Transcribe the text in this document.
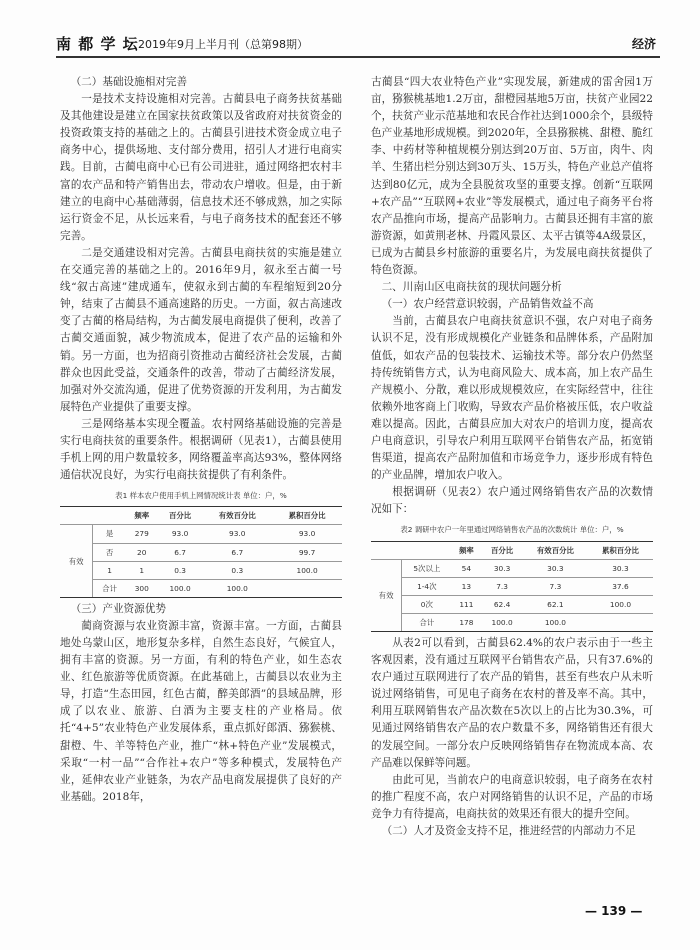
南 都 学 坛 2019年9月上半月刊（总第98期）	经济

（二）基础设施相对完善

一是技术支持设施相对完善。古蔺县电子商务扶贫基础及其他建设是建立在国家扶贫政策以及省政府对扶贫资金的投资政策支持的基础之上的。古蔺县引进技术资金成立电子商务中心，提供场地、支付部分费用，招引人才进行电商实践。目前，古蔺电商中心已有公司进驻，通过网络把农村丰富的农产品和特产销售出去，带动农户增收。但是，由于新建立的电商中心基础薄弱，信息技术还不够成熟，加之实际运行资金不足，从长远来看，与电子商务技术的配套还不够完善。

二是交通建设相对完善。古蔺县电商扶贫的实施是建立在交通完善的基础之上的。2016年9月，叙永至古蔺一号线“叙古高速”建成通车，使叙永到古蔺的车程缩短到20分钟，结束了古蔺县不通高速路的历史。一方面，叙古高速改变了古蔺的格局结构，为古蔺发展电商提供了便利，改善了古蔺交通面貌，减少物流成本，促进了农产品的运输和外销。另一方面，也为招商引资推动古蔺经济社会发展，古蔺群众也因此受益，交通条件的改善，带动了古蔺经济发展，加强对外交流沟通，促进了优势资源的开发利用，为古蔺发展特色产业提供了重要支撑。

三是网络基本实现全覆盖。农村网络基础设施的完善是实行电商扶贫的重要条件。根据调研（见表1），古蔺县使用手机上网的用户数量较多，网络覆盖率高达93%，整体网络通信状况良好，为实行电商扶贫提供了有利条件。

表1 样本农户使用手机上网情况统计表 单位：户，%
		频率	百分比	有效百分比	累积百分比
有效	是	279	93.0	93.0	93.0
	否	20	6.7	6.7	99.7
	1	1	0.3	0.3	100.0
	合计	300	100.0	100.0	

（三）产业资源优势

蔺商资源与农业资源丰富，资源丰富。一方面，古蔺县地处乌蒙山区，地形复杂多样，自然生态良好，气候宜人，拥有丰富的资源。另一方面，有利的特色产业，如生态农业、红色旅游等优质资源。在此基础上，古蔺县以农业为主导，打造“生态田园，红色古蔺，醉美郎酒”的县域品牌，形成了以农业、旅游、白酒为主要支柱的产业格局。依托“4+5”农业特色产业发展体系，重点抓好郎酒、猕猴桃、甜橙、牛、羊等特色产业，推广“林+特色产业”发展模式，采取“一村一品”“合作社+农户”等多种模式，发展特色产业，延伸农业产业链条，为农产品电商发展提供了良好的产业基础。2018年，

古蔺县“四大农业特色产业”实现发展，新建成的雷舍园1万亩，猕猴桃基地1.2万亩，甜橙园基地5万亩，扶贫产业园22个，扶贫产业示范基地和农民合作社达到1000余个，县级特色产业基地形成规模。到2020年，全县猕猴桃、甜橙、脆红李、中药材等种植规模分别达到20万亩、5万亩，肉牛、肉羊、生猪出栏分别达到30万头、15万头，特色产业总产值将达到80亿元，成为全县脱贫攻坚的重要支撑。创新“互联网+农产品”“互联网+农业”等发展模式，通过电子商务平台将农产品推向市场，提高产品影响力。古蔺县还拥有丰富的旅游资源，如黄荆老林、丹霞风景区、太平古镇等4A级景区，已成为古蔺县乡村旅游的重要名片，为发展电商扶贫提供了特色资源。

二、川南山区电商扶贫的现状问题分析

（一）农户经营意识较弱，产品销售效益不高

当前，古蔺县农户电商扶贫意识不强，农户对电子商务认识不足，没有形成规模化产业链条和品牌体系，产品附加值低，如农产品的包装技术、运输技术等。部分农户仍然坚持传统销售方式，认为电商风险大、成本高，加上农产品生产规模小、分散，难以形成规模效应，在实际经营中，往往依赖外地客商上门收购，导致农产品价格被压低，农户收益难以提高。因此，古蔺县应加大对农户的培训力度，提高农户电商意识，引导农户利用互联网平台销售农产品，拓宽销售渠道，提高农产品附加值和市场竞争力，逐步形成有特色的产业品牌，增加农户收入。

根据调研（见表2）农户通过网络销售农产品的次数情况如下：

表2 调研中农户一年里通过网络销售农产品的次数统计 单位：户，%
		频率	百分比	有效百分比	累积百分比
有效	5次以上	54	30.3	30.3	30.3
	1-4次	13	7.3	7.3	37.6
	0次	111	62.4	62.1	100.0
	合计	178	100.0	100.0	

从表2可以看到，古蔺县62.4%的农户表示由于一些主客观因素，没有通过互联网平台销售农产品，只有37.6%的农户通过互联网进行了农产品的销售，甚至有些农户从未听说过网络销售，可见电子商务在农村的普及率不高。其中，利用互联网销售农产品次数在5次以上的占比为30.3%，可见通过网络销售农产品的农户数量不多，网络销售还有很大的发展空间。一部分农户反映网络销售存在物流成本高、农产品难以保鲜等问题。

由此可见，当前农户的电商意识较弱，电子商务在农村的推广程度不高，农户对网络销售的认识不足，产品的市场竞争力有待提高，电商扶贫的效果还有很大的提升空间。

（二）人才及资金支持不足，推进经营的内部动力不足

— 139 —
